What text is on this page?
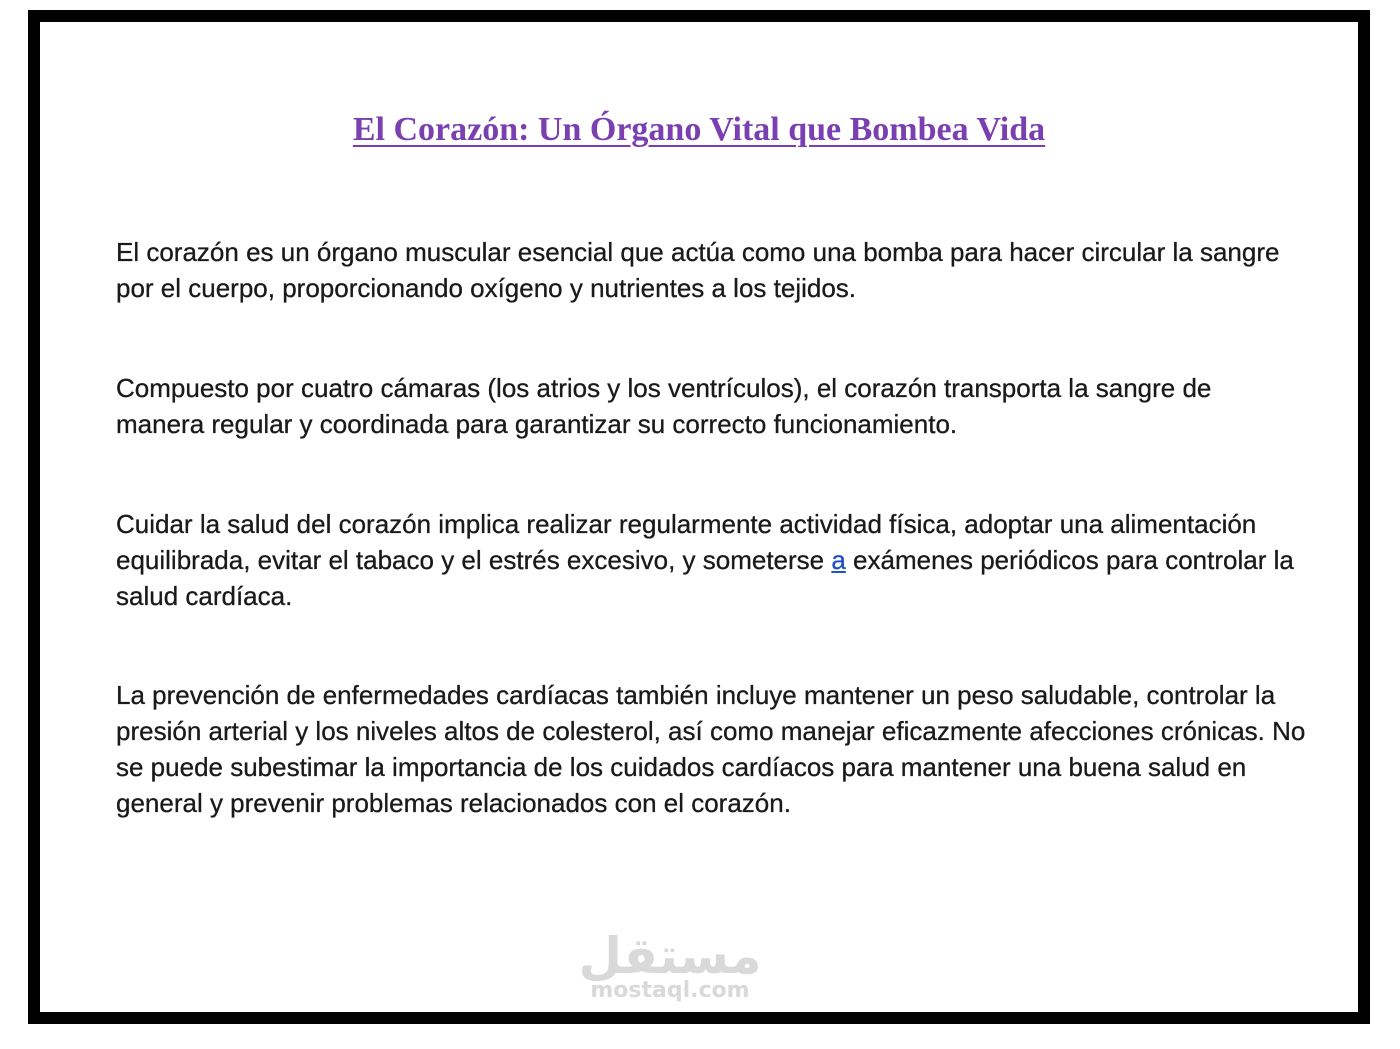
El Corazón: Un Órgano Vital que Bombea Vida

El corazón es un órgano muscular esencial que actúa como una bomba para hacer circular la sangre por el cuerpo, proporcionando oxígeno y nutrientes a los tejidos.

Compuesto por cuatro cámaras (los atrios y los ventrículos), el corazón transporta la sangre de manera regular y coordinada para garantizar su correcto funcionamiento.

Cuidar la salud del corazón implica realizar regularmente actividad física, adoptar una alimentación equilibrada, evitar el tabaco y el estrés excesivo, y someterse a exámenes periódicos para controlar la salud cardíaca.

La prevención de enfermedades cardíacas también incluye mantener un peso saludable, controlar la presión arterial y los niveles altos de colesterol, así como manejar eficazmente afecciones crónicas. No se puede subestimar la importancia de los cuidados cardíacos para mantener una buena salud en general y prevenir problemas relacionados con el corazón.

مستقل
mostaql.com
